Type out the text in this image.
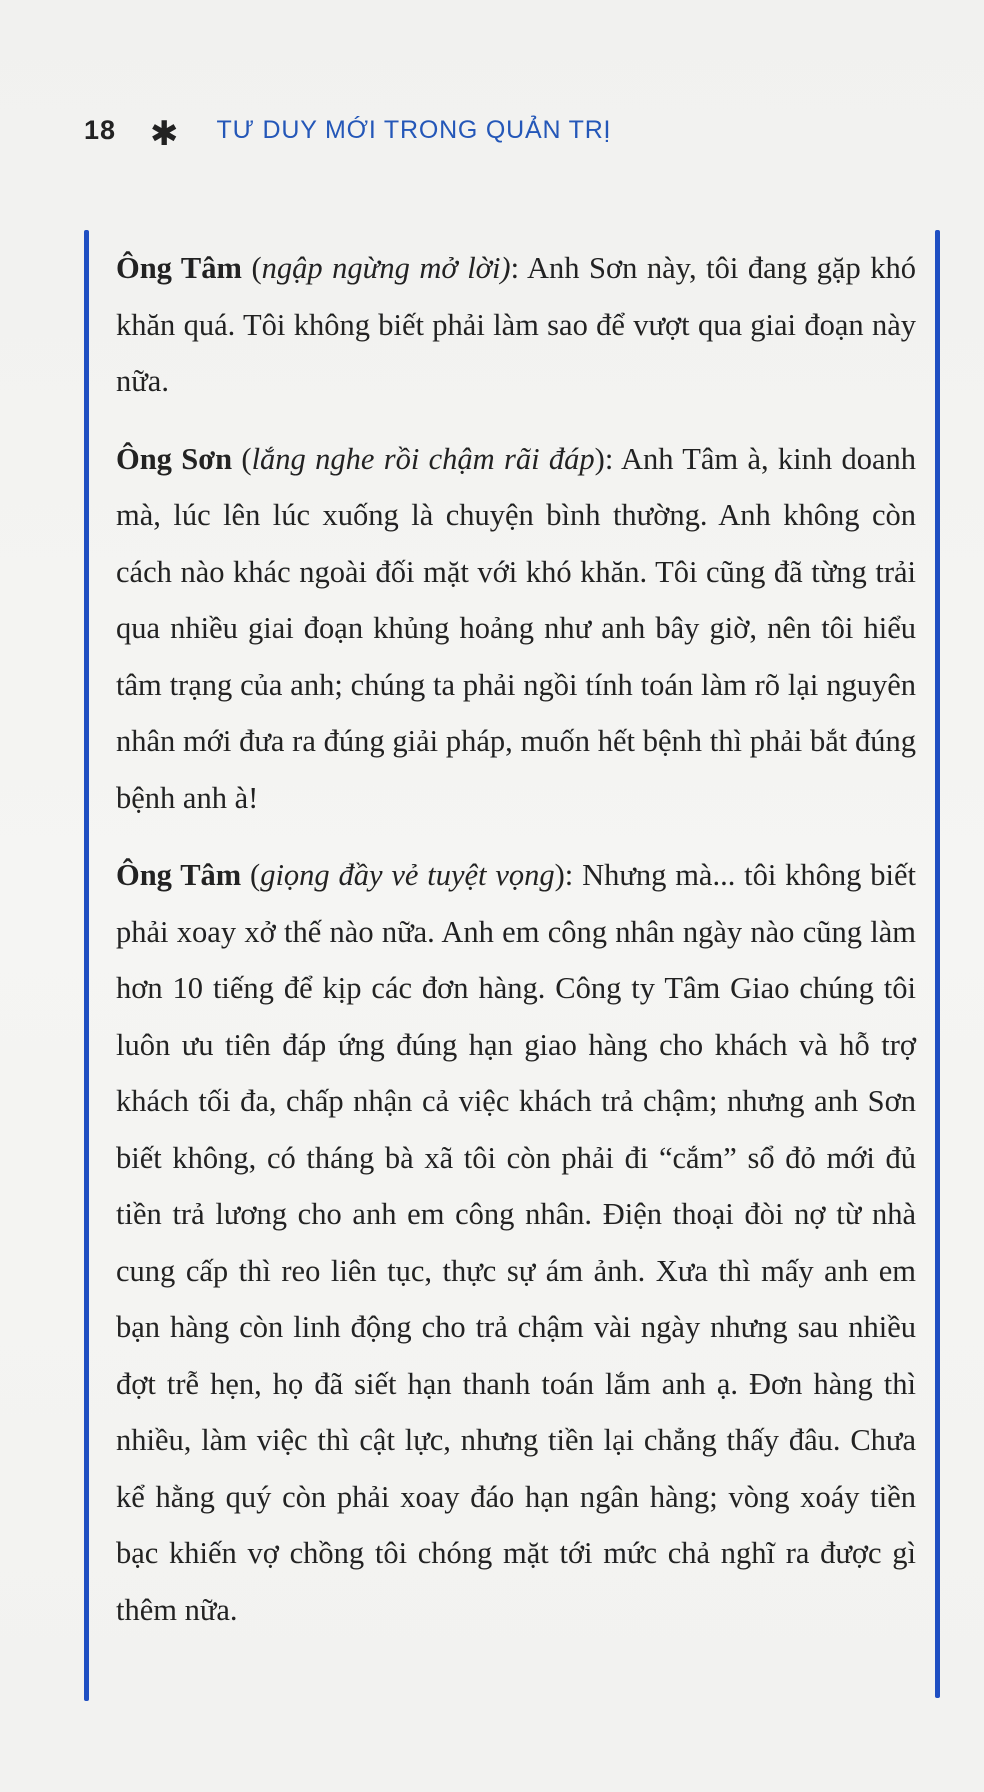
18 ✱ TƯ DUY MỚI TRONG QUẢN TRỊ

Ông Tâm (ngập ngừng mở lời): Anh Sơn này, tôi đang gặp khó khăn quá. Tôi không biết phải làm sao để vượt qua giai đoạn này nữa.

Ông Sơn (lắng nghe rồi chậm rãi đáp): Anh Tâm à, kinh doanh mà, lúc lên lúc xuống là chuyện bình thường. Anh không còn cách nào khác ngoài đối mặt với khó khăn. Tôi cũng đã từng trải qua nhiều giai đoạn khủng hoảng như anh bây giờ, nên tôi hiểu tâm trạng của anh; chúng ta phải ngồi tính toán làm rõ lại nguyên nhân mới đưa ra đúng giải pháp, muốn hết bệnh thì phải bắt đúng bệnh anh à!

Ông Tâm (giọng đầy vẻ tuyệt vọng): Nhưng mà... tôi không biết phải xoay xở thế nào nữa. Anh em công nhân ngày nào cũng làm hơn 10 tiếng để kịp các đơn hàng. Công ty Tâm Giao chúng tôi luôn ưu tiên đáp ứng đúng hạn giao hàng cho khách và hỗ trợ khách tối đa, chấp nhận cả việc khách trả chậm; nhưng anh Sơn biết không, có tháng bà xã tôi còn phải đi “cắm” sổ đỏ mới đủ tiền trả lương cho anh em công nhân. Điện thoại đòi nợ từ nhà cung cấp thì reo liên tục, thực sự ám ảnh. Xưa thì mấy anh em bạn hàng còn linh động cho trả chậm vài ngày nhưng sau nhiều đợt trễ hẹn, họ đã siết hạn thanh toán lắm anh ạ. Đơn hàng thì nhiều, làm việc thì cật lực, nhưng tiền lại chẳng thấy đâu. Chưa kể hằng quý còn phải xoay đáo hạn ngân hàng; vòng xoáy tiền bạc khiến vợ chồng tôi chóng mặt tới mức chả nghĩ ra được gì thêm nữa.
